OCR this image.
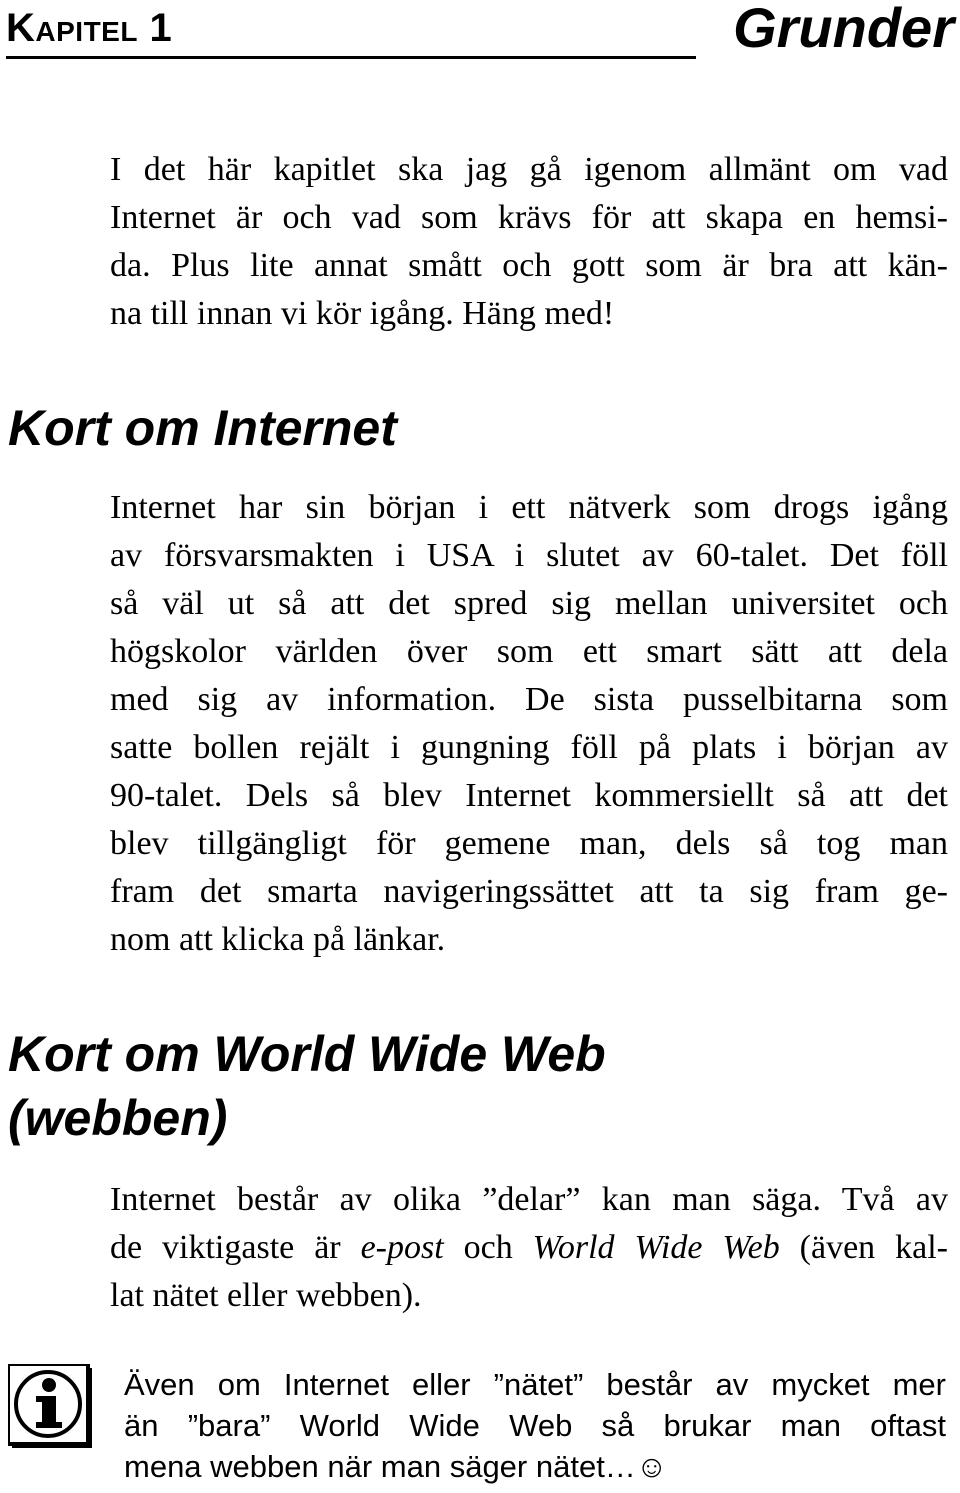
Kapitel 1	Grunder
I det här kapitlet ska jag gå igenom allmänt om vad
Internet är och vad som krävs för att skapa en hemsi-
da. Plus lite annat smått och gott som är bra att kän-
na till innan vi kör igång. Häng med!
Kort om Internet
Internet har sin början i ett nätverk som drogs igång
av försvarsmakten i USA i slutet av 60-talet. Det föll
så väl ut så att det spred sig mellan universitet och
högskolor världen över som ett smart sätt att dela
med sig av information. De sista pusselbitarna som
satte bollen rejält i gungning föll på plats i början av
90-talet. Dels så blev Internet kommersiellt så att det
blev tillgängligt för gemene man, dels så tog man
fram det smarta navigeringssättet att ta sig fram ge-
nom att klicka på länkar.
Kort om World Wide Web
(webben)
Internet består av olika ”delar” kan man säga. Två av
de viktigaste är e-post och World Wide Web (även kal-
lat nätet eller webben).
Även om Internet eller ”nätet” består av mycket mer
än ”bara” World Wide Web så brukar man oftast
mena webben när man säger nätet…☺
